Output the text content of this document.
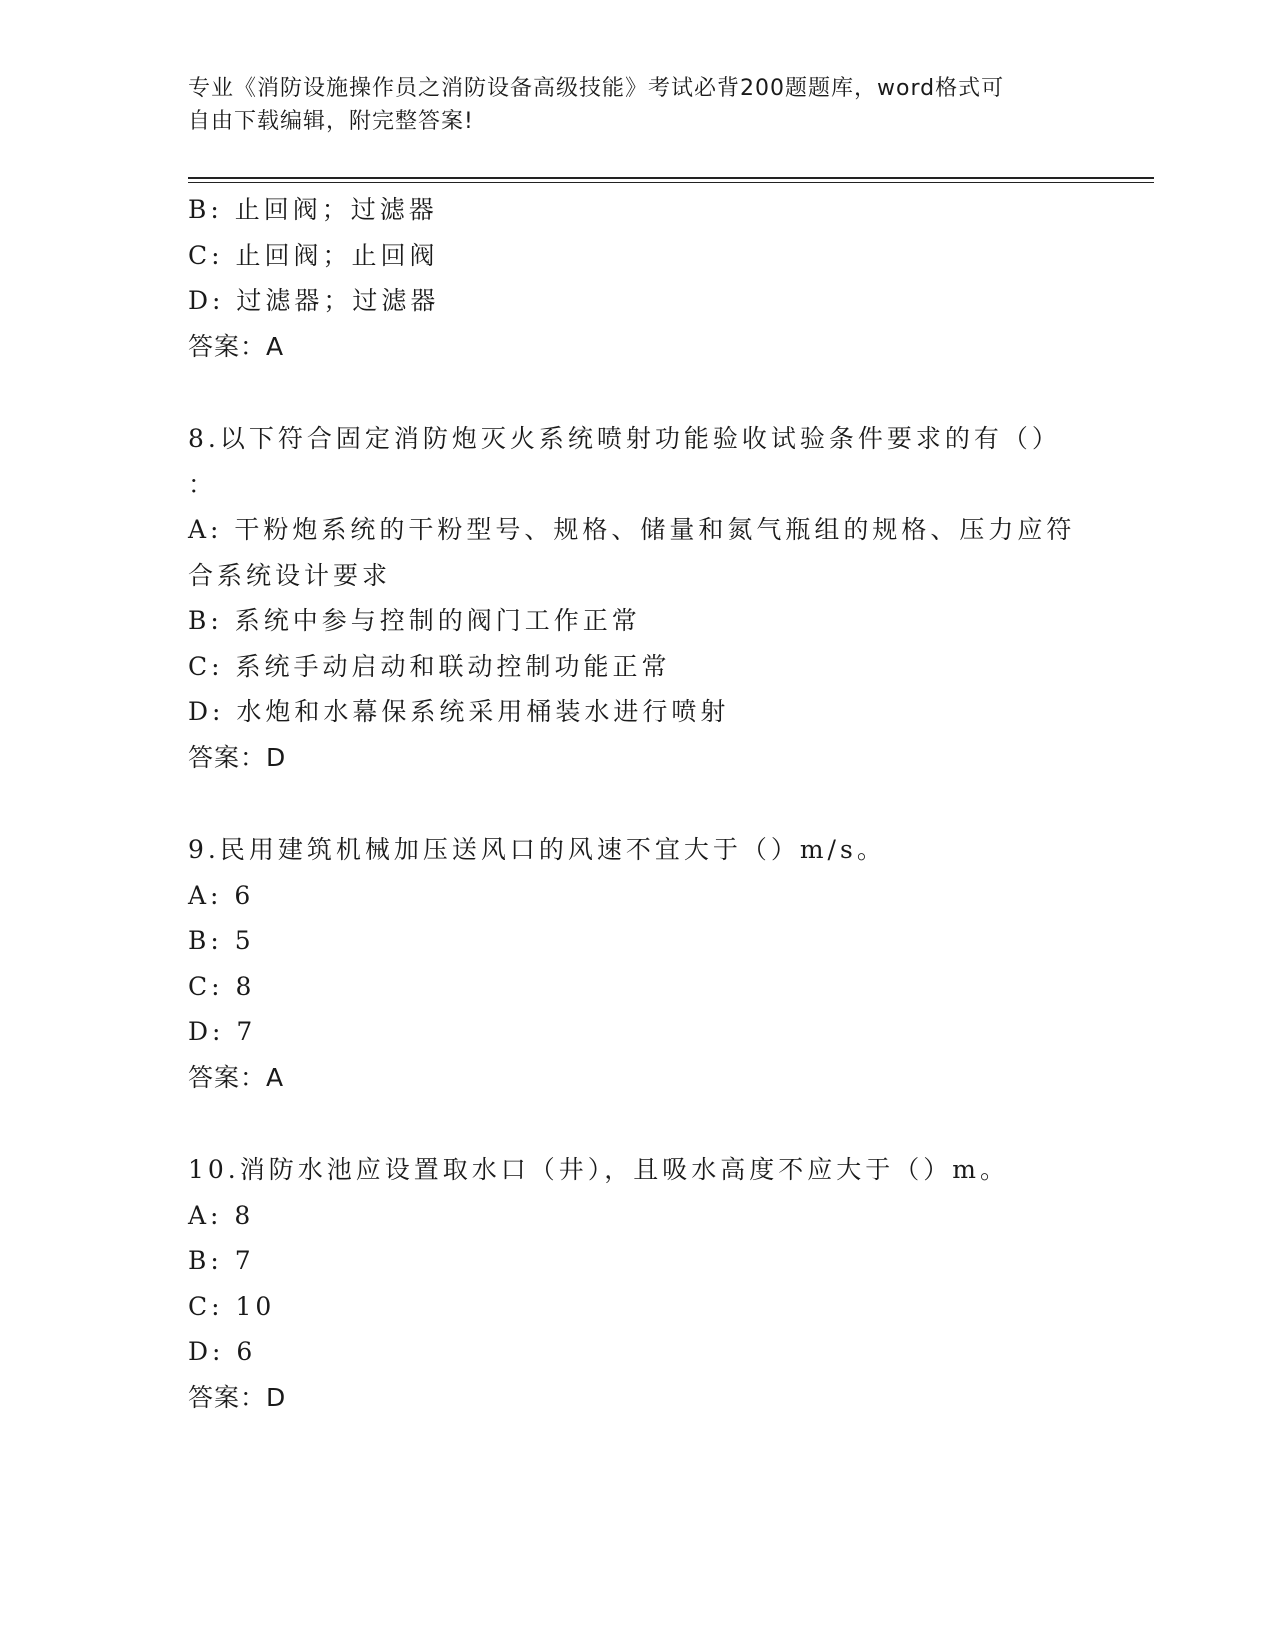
专业《消防设施操作员之消防设备高级技能》考试必背200题题库，word格式可

自由下载编辑，附完整答案!

B: 止回阀；过滤器
C: 止回阀；止回阀
D: 过滤器；过滤器
答案：A
8.以下符合固定消防炮灭火系统喷射功能验收试验条件要求的有（）
：
A: 干粉炮系统的干粉型号、规格、储量和氮气瓶组的规格、压力应符
合系统设计要求
B: 系统中参与控制的阀门工作正常
C: 系统手动启动和联动控制功能正常
D: 水炮和水幕保系统采用桶装水进行喷射
答案：D
9.民用建筑机械加压送风口的风速不宜大于（）m/s。
A: 6
B: 5
C: 8
D: 7
答案：A
10.消防水池应设置取水口（井），且吸水高度不应大于（）m。
A: 8
B: 7
C: 10
D: 6
答案：D
